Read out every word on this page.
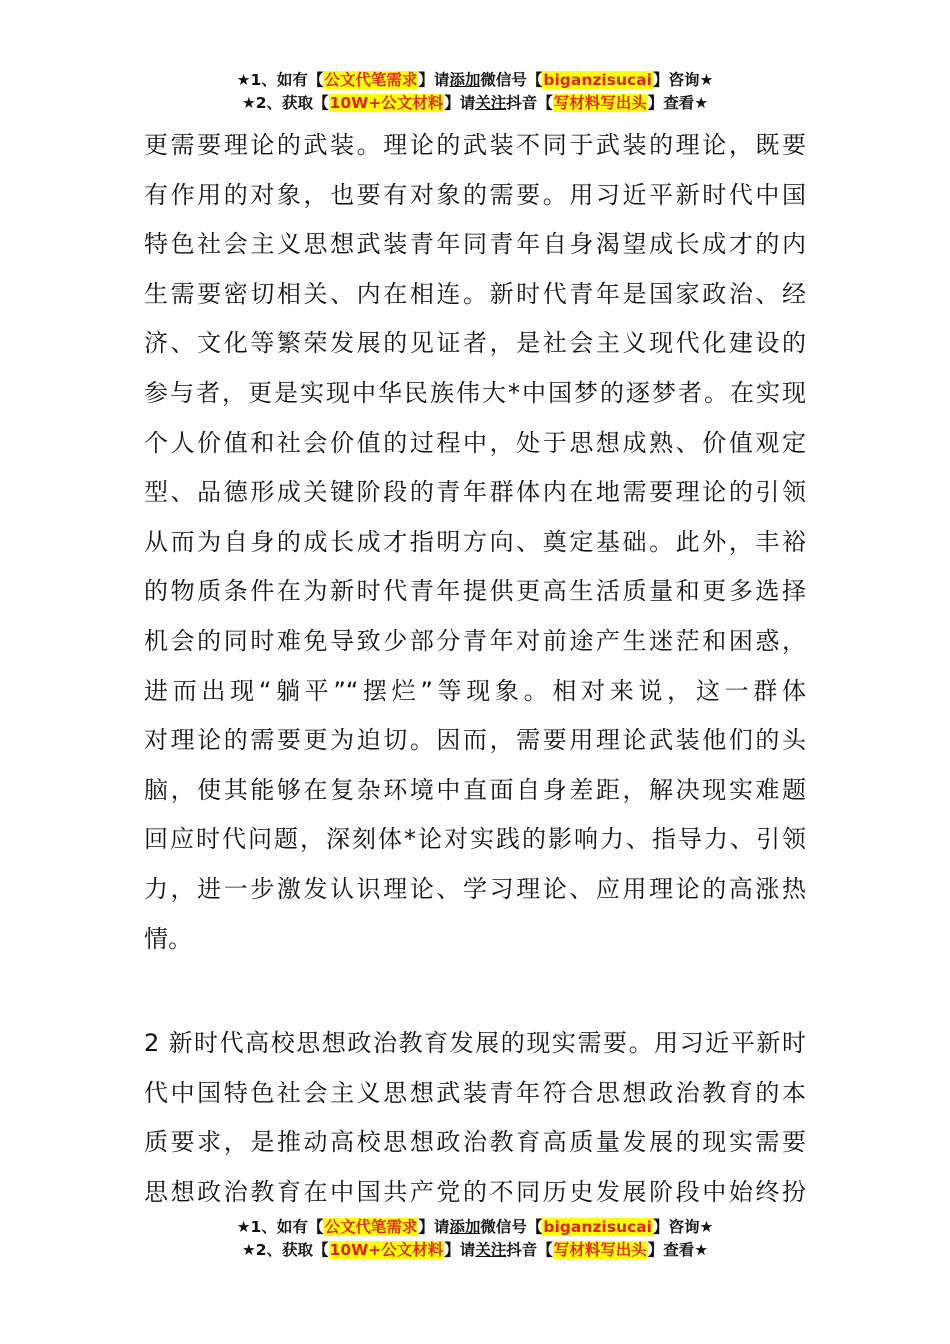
★1、如有【公文代笔需求】请添加微信号【biganzisucai】咨询★
★2、获取【10W+公文材料】请关注抖音【写材料写出头】查看★
更需要理论的武装。理论的武装不同于武装的理论，既要
有作用的对象，也要有对象的需要。用习近平新时代中国
特色社会主义思想武装青年同青年自身渴望成长成才的内
生需要密切相关、内在相连。新时代青年是国家政治、经
济、文化等繁荣发展的见证者，是社会主义现代化建设的
参与者，更是实现中华民族伟大*中国梦的逐梦者。在实现
个人价值和社会价值的过程中，处于思想成熟、价值观定
型、品德形成关键阶段的青年群体内在地需要理论的引领
从而为自身的成长成才指明方向、奠定基础。此外，丰裕
的物质条件在为新时代青年提供更高生活质量和更多选择
机会的同时难免导致少部分青年对前途产生迷茫和困惑，
进而出现“躺平”“摆烂”等现象。相对来说，这一群体
对理论的需要更为迫切。因而，需要用理论武装他们的头
脑，使其能够在复杂环境中直面自身差距，解决现实难题
回应时代问题，深刻体*论对实践的影响力、指导力、引领
力，进一步激发认识理论、学习理论、应用理论的高涨热
情。
2 新时代高校思想政治教育发展的现实需要。用习近平新时
代中国特色社会主义思想武装青年符合思想政治教育的本
质要求，是推动高校思想政治教育高质量发展的现实需要
思想政治教育在中国共产党的不同历史发展阶段中始终扮
★1、如有【公文代笔需求】请添加微信号【biganzisucai】咨询★
★2、获取【10W+公文材料】请关注抖音【写材料写出头】查看★
